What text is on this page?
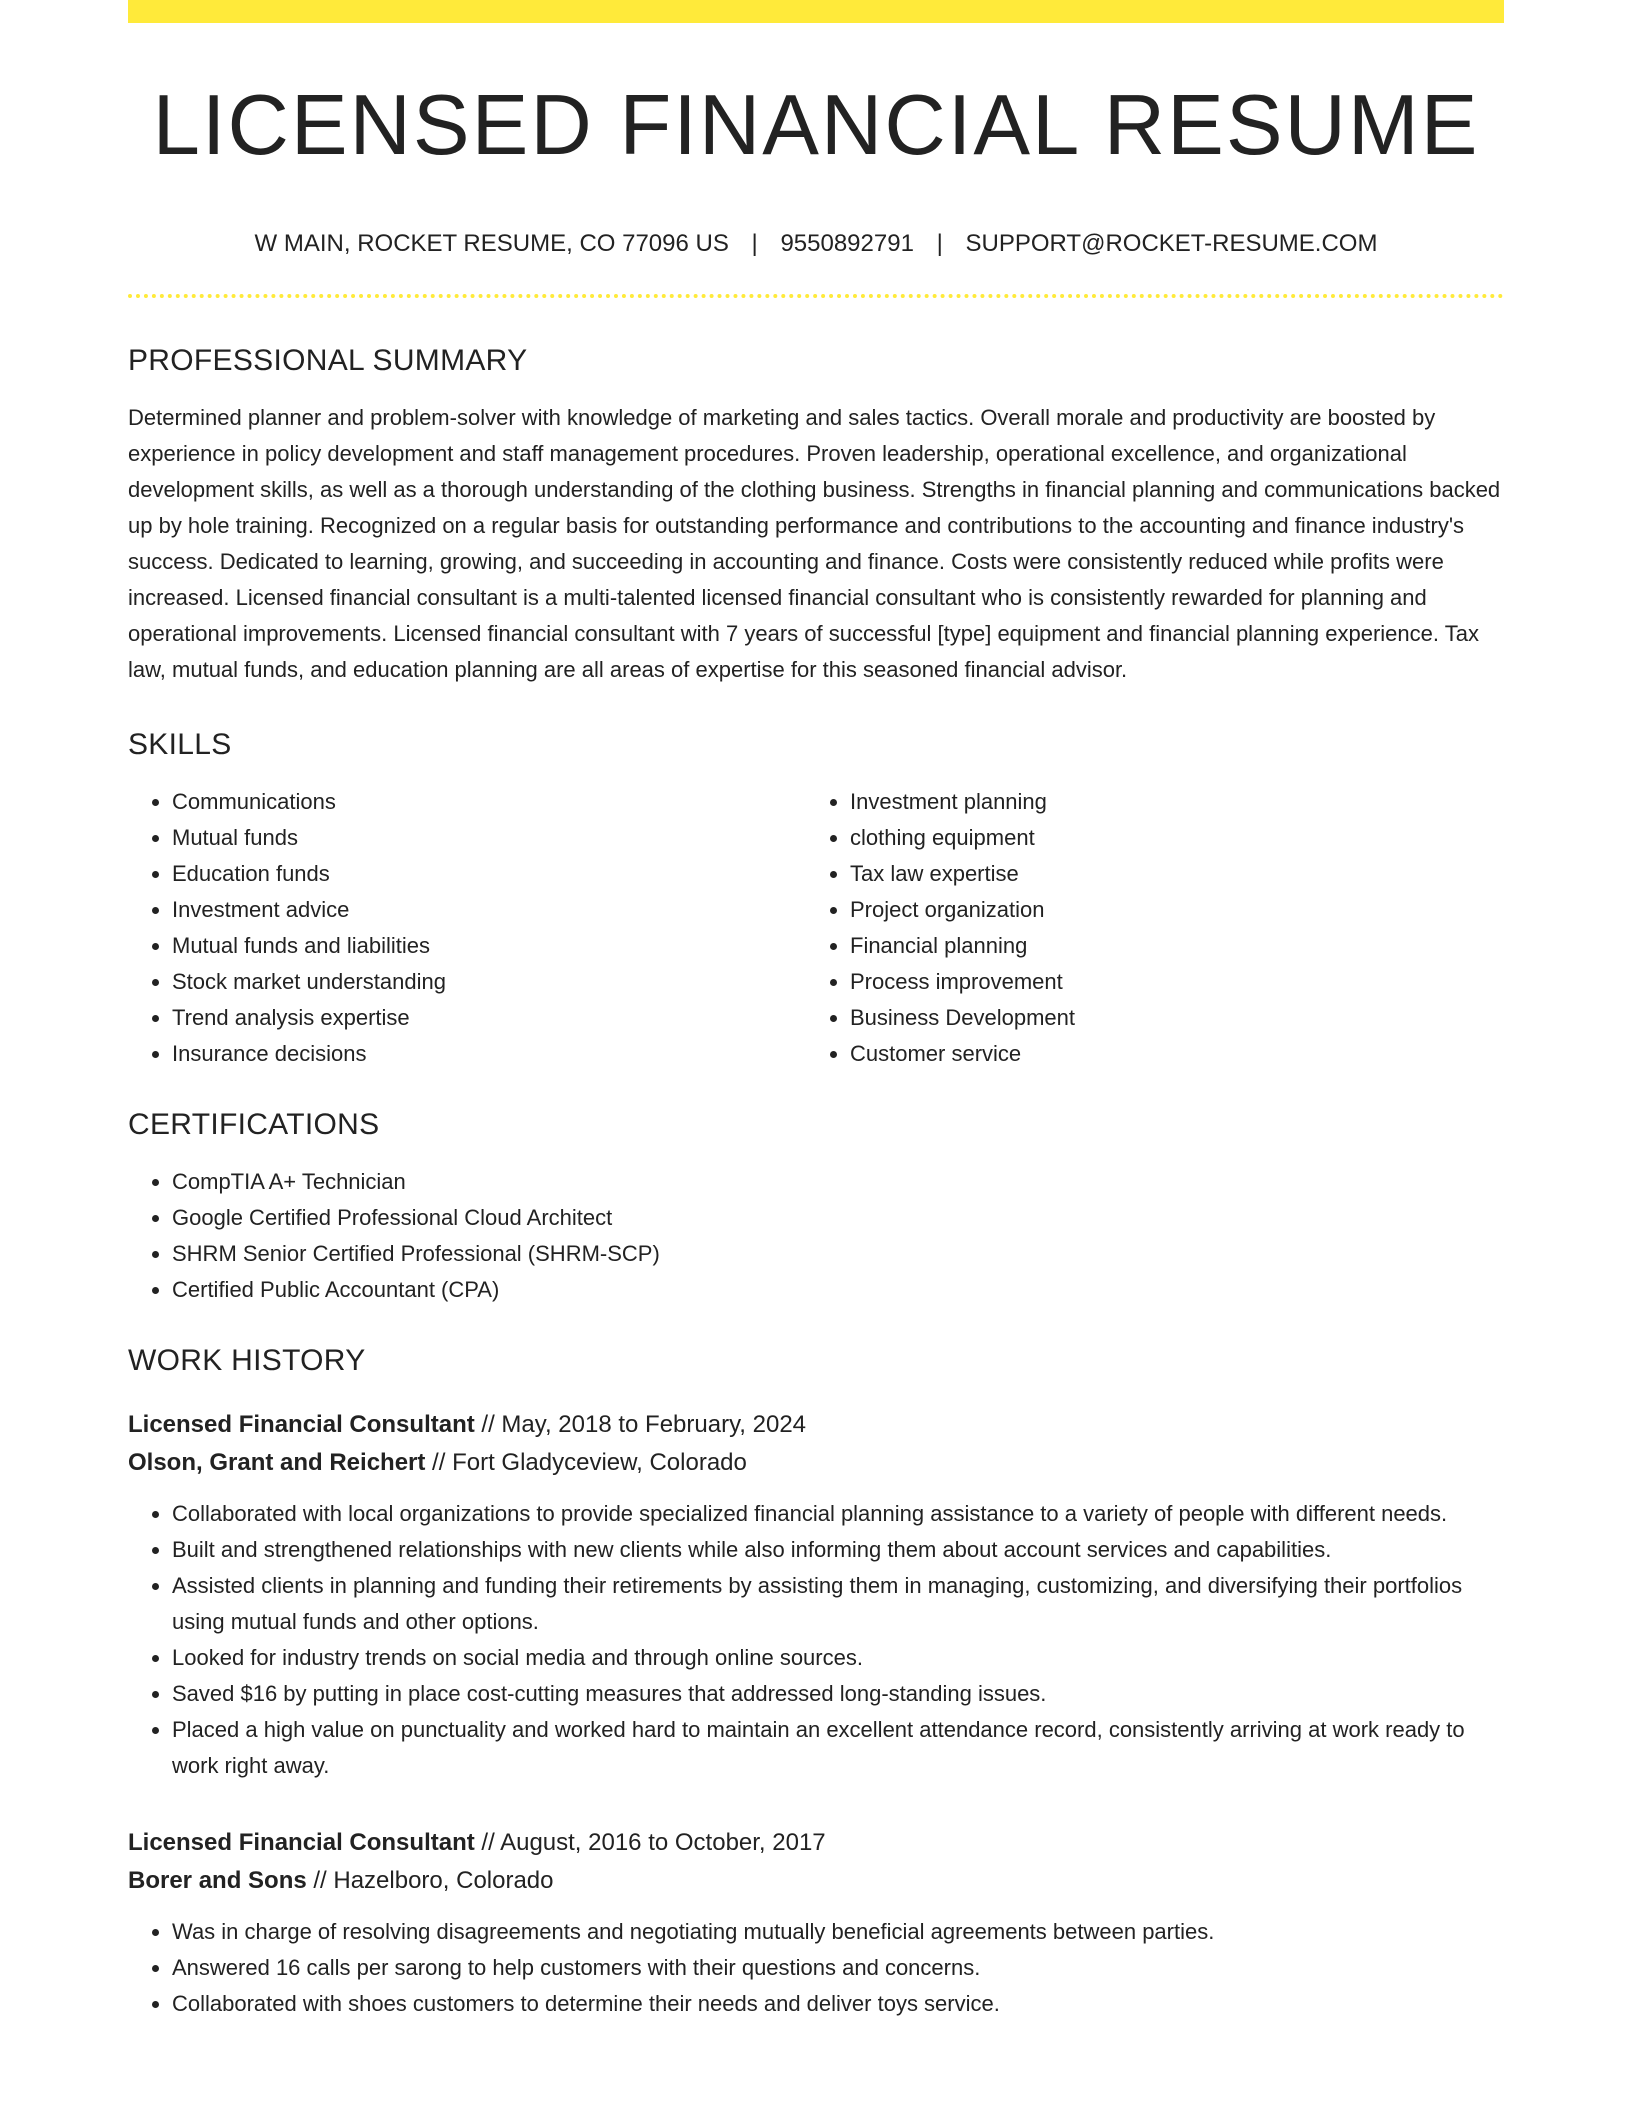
LICENSED FINANCIAL RESUME
W MAIN, ROCKET RESUME, CO 77096 US | 9550892791 | SUPPORT@ROCKET-RESUME.COM
PROFESSIONAL SUMMARY
Determined planner and problem-solver with knowledge of marketing and sales tactics. Overall morale and productivity are boosted by experience in policy development and staff management procedures. Proven leadership, operational excellence, and organizational development skills, as well as a thorough understanding of the clothing business. Strengths in financial planning and communications backed up by hole training. Recognized on a regular basis for outstanding performance and contributions to the accounting and finance industry's success. Dedicated to learning, growing, and succeeding in accounting and finance. Costs were consistently reduced while profits were increased. Licensed financial consultant is a multi-talented licensed financial consultant who is consistently rewarded for planning and operational improvements. Licensed financial consultant with 7 years of successful [type] equipment and financial planning experience. Tax law, mutual funds, and education planning are all areas of expertise for this seasoned financial advisor.
SKILLS
• Communications
• Mutual funds
• Education funds
• Investment advice
• Mutual funds and liabilities
• Stock market understanding
• Trend analysis expertise
• Insurance decisions
• Investment planning
• clothing equipment
• Tax law expertise
• Project organization
• Financial planning
• Process improvement
• Business Development
• Customer service
CERTIFICATIONS
• CompTIA A+ Technician
• Google Certified Professional Cloud Architect
• SHRM Senior Certified Professional (SHRM-SCP)
• Certified Public Accountant (CPA)
WORK HISTORY
Licensed Financial Consultant // May, 2018 to February, 2024
Olson, Grant and Reichert // Fort Gladyceview, Colorado
• Collaborated with local organizations to provide specialized financial planning assistance to a variety of people with different needs.
• Built and strengthened relationships with new clients while also informing them about account services and capabilities.
• Assisted clients in planning and funding their retirements by assisting them in managing, customizing, and diversifying their portfolios using mutual funds and other options.
• Looked for industry trends on social media and through online sources.
• Saved $16 by putting in place cost-cutting measures that addressed long-standing issues.
• Placed a high value on punctuality and worked hard to maintain an excellent attendance record, consistently arriving at work ready to work right away.
Licensed Financial Consultant // August, 2016 to October, 2017
Borer and Sons // Hazelboro, Colorado
• Was in charge of resolving disagreements and negotiating mutually beneficial agreements between parties.
• Answered 16 calls per sarong to help customers with their questions and concerns.
• Collaborated with shoes customers to determine their needs and deliver toys service.
